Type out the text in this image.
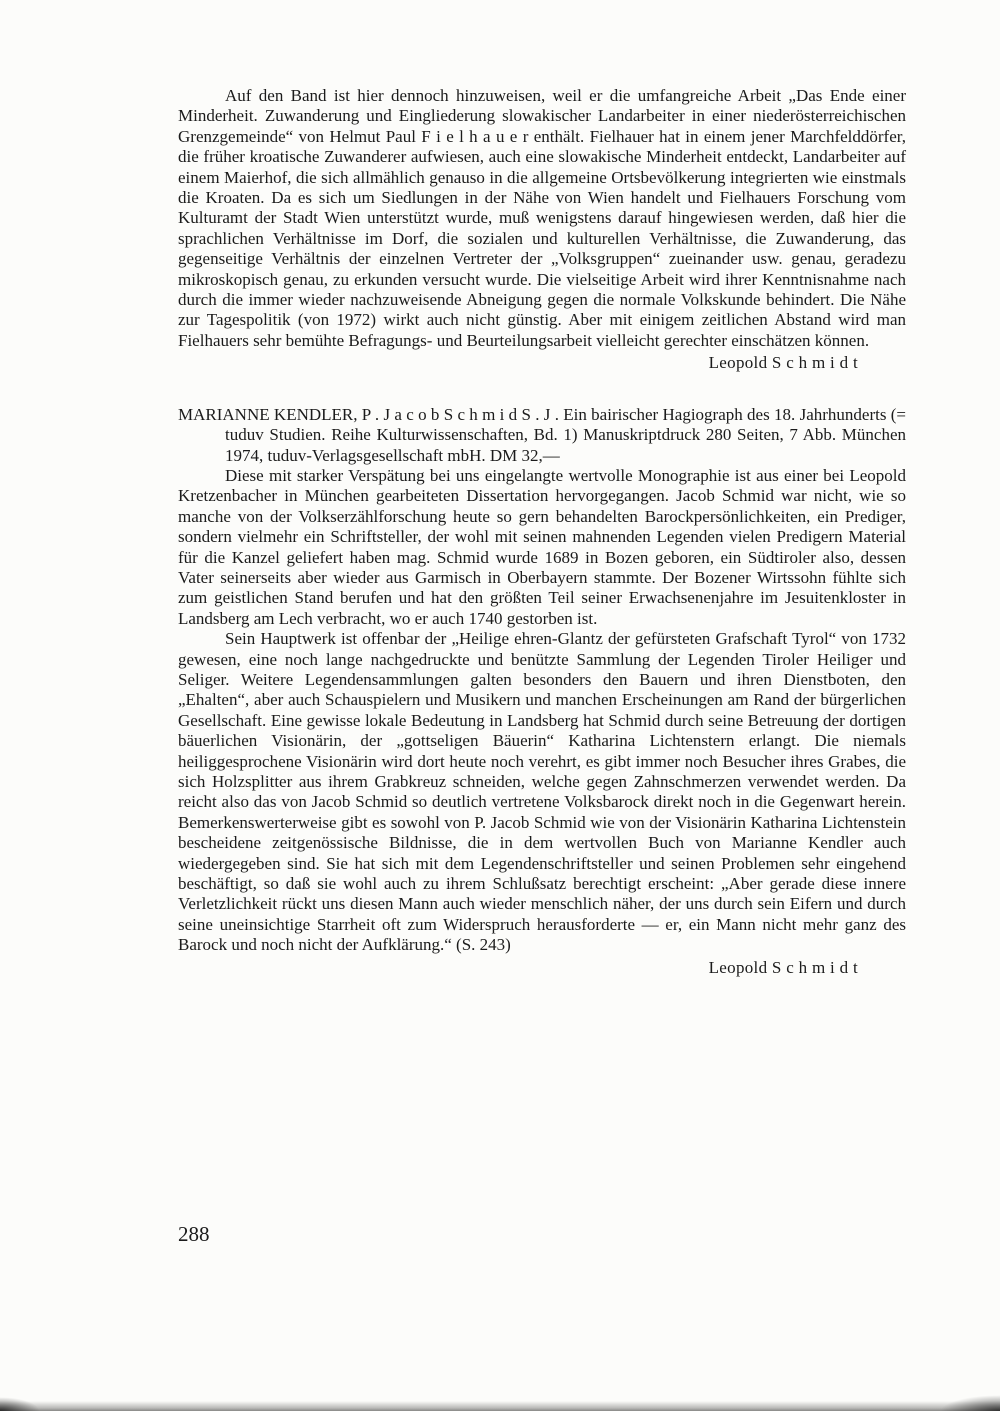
Auf den Band ist hier dennoch hinzuweisen, weil er die umfangreiche Arbeit „Das Ende einer Minderheit. Zuwanderung und Eingliederung slowakischer Landarbeiter in einer niederösterreichischen Grenzgemeinde“ von Helmut Paul F i e l h a u e r enthält. Fielhauer hat in einem jener Marchfelddörfer, die früher kroatische Zuwanderer aufwiesen, auch eine slowakische Minderheit entdeckt, Landarbeiter auf einem Maierhof, die sich allmählich genauso in die allgemeine Ortsbevölkerung integrierten wie einstmals die Kroaten. Da es sich um Siedlungen in der Nähe von Wien handelt und Fielhauers Forschung vom Kulturamt der Stadt Wien unterstützt wurde, muß wenigstens darauf hingewiesen werden, daß hier die sprachlichen Verhältnisse im Dorf, die sozialen und kulturellen Verhältnisse, die Zuwanderung, das gegenseitige Verhältnis der einzelnen Vertreter der „Volksgruppen“ zueinander usw. genau, geradezu mikroskopisch genau, zu erkunden versucht wurde. Die vielseitige Arbeit wird ihrer Kenntnisnahme nach durch die immer wieder nachzuweisende Abneigung gegen die normale Volkskunde behindert. Die Nähe zur Tagespolitik (von 1972) wirkt auch nicht günstig. Aber mit einigem zeitlichen Abstand wird man Fielhauers sehr bemühte Befragungs- und Beurteilungsarbeit vielleicht gerechter einschätzen können.

Leopold S c h m i d t

MARIANNE KENDLER, P . J a c o b S c h m i d S . J . Ein bairischer Hagiograph des 18. Jahrhunderts (= tuduv Studien. Reihe Kulturwissenschaften, Bd. 1) Manuskriptdruck 280 Seiten, 7 Abb. München 1974, tuduv-Verlagsgesellschaft mbH. DM 32,—

Diese mit starker Verspätung bei uns eingelangte wertvolle Monographie ist aus einer bei Leopold Kretzenbacher in München gearbeiteten Dissertation hervorgegangen. Jacob Schmid war nicht, wie so manche von der Volkserzählforschung heute so gern behandelten Barockpersönlichkeiten, ein Prediger, sondern vielmehr ein Schriftsteller, der wohl mit seinen mahnenden Legenden vielen Predigern Material für die Kanzel geliefert haben mag. Schmid wurde 1689 in Bozen geboren, ein Südtiroler also, dessen Vater seinerseits aber wieder aus Garmisch in Oberbayern stammte. Der Bozener Wirtssohn fühlte sich zum geistlichen Stand berufen und hat den größten Teil seiner Erwachsenenjahre im Jesuitenkloster in Landsberg am Lech verbracht, wo er auch 1740 gestorben ist.

Sein Hauptwerk ist offenbar der „Heilige ehren-Glantz der gefürsteten Grafschaft Tyrol“ von 1732 gewesen, eine noch lange nachgedruckte und benützte Sammlung der Legenden Tiroler Heiliger und Seliger. Weitere Legendensammlungen galten besonders den Bauern und ihren Dienstboten, den „Ehalten“, aber auch Schauspielern und Musikern und manchen Erscheinungen am Rand der bürgerlichen Gesellschaft. Eine gewisse lokale Bedeutung in Landsberg hat Schmid durch seine Betreuung der dortigen bäuerlichen Visionärin, der „gottseligen Bäuerin“ Katharina Lichtenstern erlangt. Die niemals heiliggesprochene Visionärin wird dort heute noch verehrt, es gibt immer noch Besucher ihres Grabes, die sich Holzsplitter aus ihrem Grabkreuz schneiden, welche gegen Zahnschmerzen verwendet werden. Da reicht also das von Jacob Schmid so deutlich vertretene Volksbarock direkt noch in die Gegenwart herein. Bemerkenswerterweise gibt es sowohl von P. Jacob Schmid wie von der Visionärin Katharina Lichtenstein bescheidene zeitgenössische Bildnisse, die in dem wertvollen Buch von Marianne Kendler auch wiedergegeben sind. Sie hat sich mit dem Legendenschriftsteller und seinen Problemen sehr eingehend beschäftigt, so daß sie wohl auch zu ihrem Schlußsatz berechtigt erscheint: „Aber gerade diese innere Verletzlichkeit rückt uns diesen Mann auch wieder menschlich näher, der uns durch sein Eifern und durch seine uneinsichtige Starrheit oft zum Widerspruch herausforderte — er, ein Mann nicht mehr ganz des Barock und noch nicht der Aufklärung.“ (S. 243)

Leopold S c h m i d t

288
